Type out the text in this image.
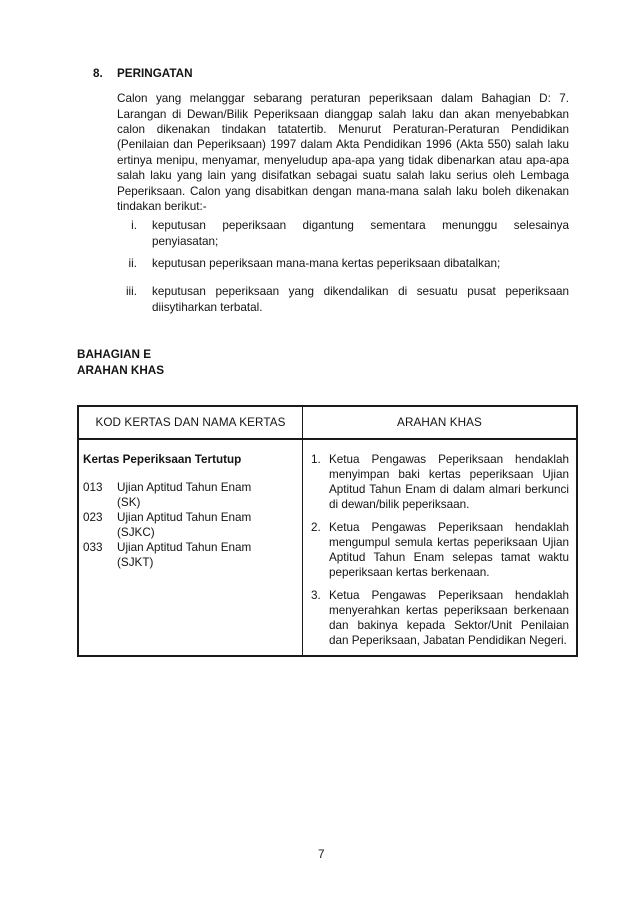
8. PERINGATAN
Calon yang melanggar sebarang peraturan peperiksaan dalam Bahagian D: 7.
Larangan di Dewan/Bilik Peperiksaan dianggap salah laku dan akan menyebabkan
calon dikenakan tindakan tatatertib. Menurut Peraturan-Peraturan Pendidikan
(Penilaian dan Peperiksaan) 1997 dalam Akta Pendidikan 1996 (Akta 550) salah laku
ertinya menipu, menyamar, menyeludup apa-apa yang tidak dibenarkan atau apa-apa
salah laku yang lain yang disifatkan sebagai suatu salah laku serius oleh Lembaga
Peperiksaan. Calon yang disabitkan dengan mana-mana salah laku boleh dikenakan
tindakan berikut:-
i. keputusan peperiksaan digantung sementara menunggu selesainya
penyiasatan;
ii. keputusan peperiksaan mana-mana kertas peperiksaan dibatalkan;
iii. keputusan peperiksaan yang dikendalikan di sesuatu pusat peperiksaan
diisytiharkan terbatal.
BAHAGIAN E
ARAHAN KHAS
KOD KERTAS DAN NAMA KERTAS	ARAHAN KHAS
Kertas Peperiksaan Tertutup
013 Ujian Aptitud Tahun Enam
(SK)
023 Ujian Aptitud Tahun Enam
(SJKC)
033 Ujian Aptitud Tahun Enam
(SJKT)
1. Ketua Pengawas Peperiksaan hendaklah
menyimpan baki kertas peperiksaan Ujian
Aptitud Tahun Enam di dalam almari berkunci
di dewan/bilik peperiksaan.
2. Ketua Pengawas Peperiksaan hendaklah
mengumpul semula kertas peperiksaan Ujian
Aptitud Tahun Enam selepas tamat waktu
peperiksaan kertas berkenaan.
3. Ketua Pengawas Peperiksaan hendaklah
menyerahkan kertas peperiksaan berkenaan
dan bakinya kepada Sektor/Unit Penilaian
dan Peperiksaan, Jabatan Pendidikan Negeri.
7
